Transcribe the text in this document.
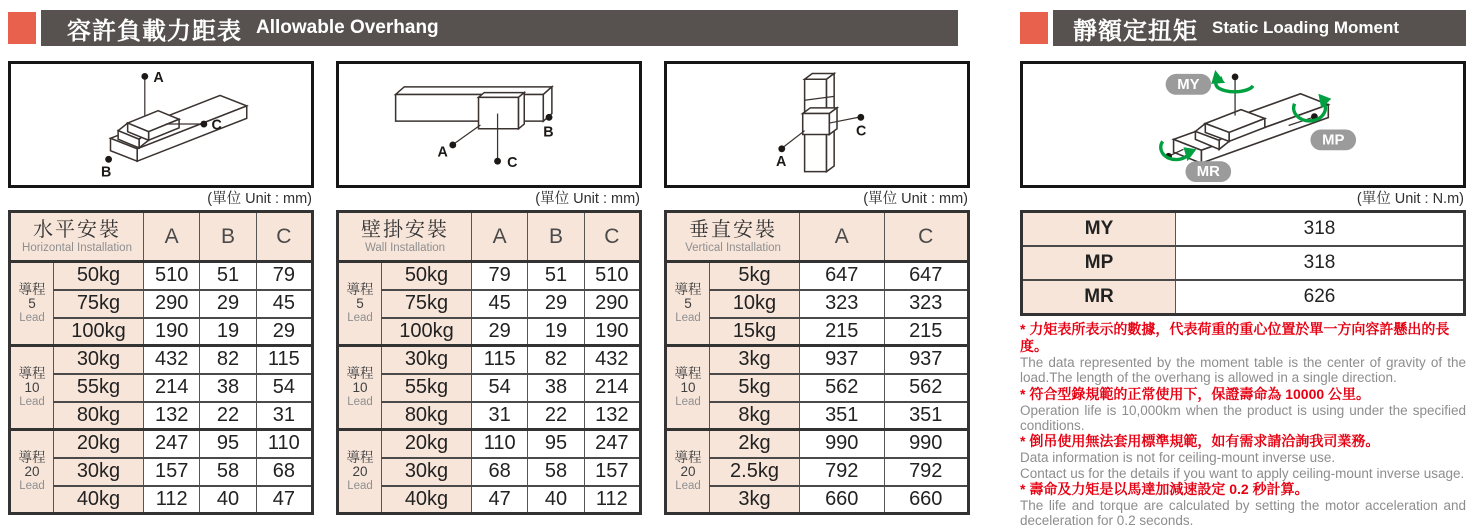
容許負載力距表 Allowable Overhang
A
B
C
(單位 Unit : mm)
水平安裝
Horizontal Installation		A	B	C

導程
5
Lead	50kg	510	51	79
	75kg	290	29	45
	100kg	190	19	29

導程
10
Lead	30kg	432	82	115
	55kg	214	38	54
	80kg	132	22	31

導程
20
Lead	20kg	247	95	110
	30kg	157	58	68
	40kg	112	40	47
A
B
C
(單位 Unit : mm)
壁掛安裝
Wall Installation		A	B	C

導程
5
Lead	50kg	79	51	510
	75kg	45	29	290
	100kg	29	19	190

導程
10
Lead	30kg	115	82	432
	55kg	54	38	214
	80kg	31	22	132

導程
20
Lead	20kg	110	95	247
	30kg	68	58	157
	40kg	47	40	112
A
C
(單位 Unit : mm)
垂直安裝
Vertical Installation		A	C

導程
5
Lead	5kg	647	647
	10kg	323	323
	15kg	215	215

導程
10
Lead	3kg	937	937
	5kg	562	562
	8kg	351	351

導程
20
Lead	2kg	990	990
	2.5kg	792	792
	3kg	660	660
靜額定扭矩 Static Loading Moment
MY
MP
MR
(單位 Unit : N.m)
MY	318
MP	318
MR	626
* 力矩表所表示的數據，代表荷重的重心位置於單一方向容許懸出的長度。
The data represented by the moment table is the center of gravity of the load.The length of the overhang is allowed in a single direction.
* 符合型錄規範的正常使用下，保證壽命為 10000 公里。
Operation life is 10,000km when the product is using under the specified conditions.
* 倒吊使用無法套用標準規範，如有需求請洽詢我司業務。
Data information is not for ceiling-mount inverse use.
Contact us for the details if you want to apply ceiling-mount inverse usage.
* 壽命及力矩是以馬達加減速設定 0.2 秒計算。
The life and torque are calculated by setting the motor acceleration and deceleration for 0.2 seconds.
